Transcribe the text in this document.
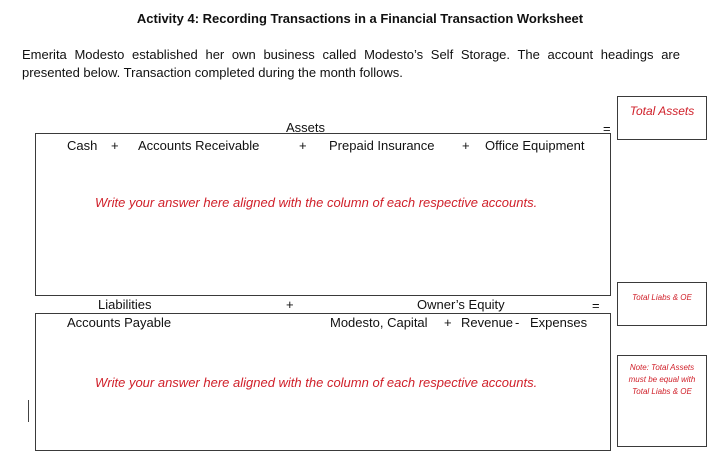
Activity 4: Recording Transactions in a Financial Transaction Worksheet
Emerita Modesto established her own business called Modesto’s Self Storage. The account headings are presented below. Transaction completed during the month follows.
Assets	=
Cash + Accounts Receivable	+ Prepaid Insurance + Office Equipment
Write your answer here aligned with the column of each respective accounts.
Total Assets
Total Liabs & OE
Liabilities	+	Owner’s Equity	=
Accounts Payable	Modesto, Capital + Revenue - Expenses
Write your answer here aligned with the column of each respective accounts.
Note: Total Assets must be equal with Total Liabs & OE
